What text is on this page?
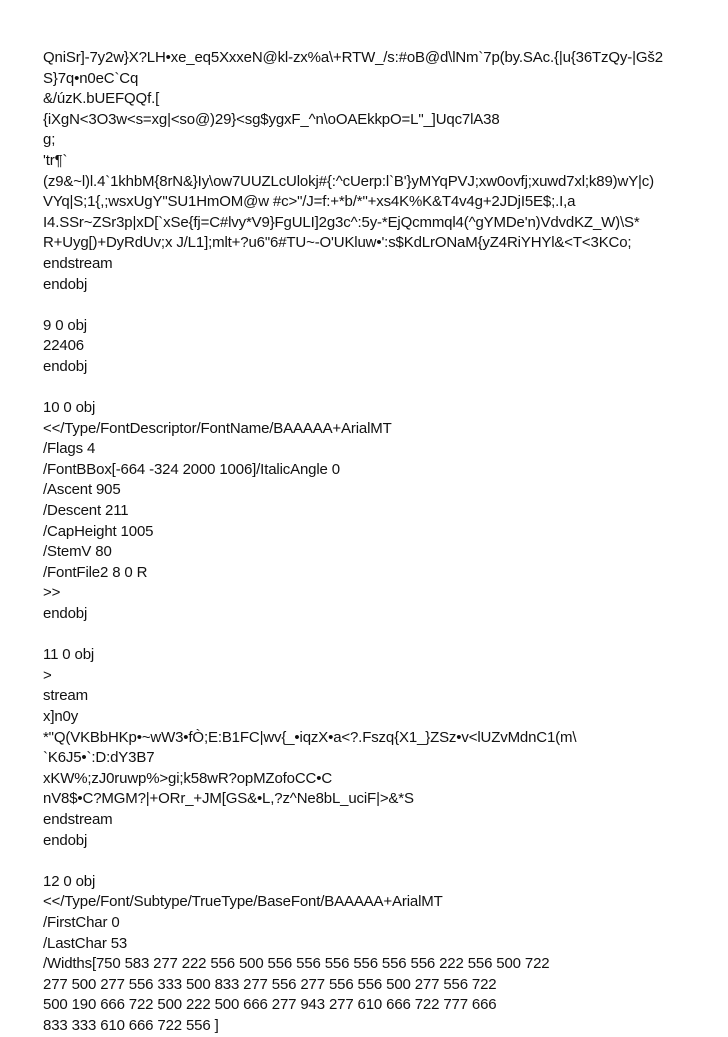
QniSr]-7y2w}X?LH•xe_eq5XxxeN@kl-zx%a\+RTW_/s:#oB@d\lNm`7p(by.SAc.{|u{36TzQy-|Gš2
S}7q•n0eC`Cq
&/úzK.bUEFQQf.[
{iXgN<3O3w<s=xg|<so@)29}<sg$ygxF_^n\oOAEkkpO=L"_]Uqc7lA38
g;
'tr¶`
(z9&~l)l.4`1khbM{8rN&}Iy\ow7UUZLcUlokj#{:^cUerp:l`B'}yMYqPVJ;xw0ovfj;xuwd7xl;k89)wY|c)
VYq|S;1{,;wsxUgY"SU1HmOM@w #c>"/J=f:+*b/*"+xs4K%K&T4v4g+2JDjI5E$;.I,a
I4.SSr~ZSr3p|xD[`xSe{fj=C#lvy*V9}FgULI]2g3c^:5y-*EjQcmmql4(^gYMDe'n)VdvdKZ_W)\S*
R+Uyg[)+DyRdUv;x J/L1];mlt+?u6"6#TU~-O'UKluw•':s$KdLrONaM{yZ4RiYHYl&<T<3KCo;
endstream
endobj
9 0 obj
22406
endobj
10 0 obj
<</Type/FontDescriptor/FontName/BAAAAA+ArialMT
/Flags 4
/FontBBox[-664 -324 2000 1006]/ItalicAngle 0
/Ascent 905
/Descent 211
/CapHeight 1005
/StemV 80
/FontFile2 8 0 R
>>
endobj
11 0 obj
>
stream
x]n0y
*"Q(VKBbHKp•~wW3•fÒ;E:B1FC|wv{_•iqzX•a<?.Fszq{X1_}ZSz•v<lUZvMdnC1(m\
`K6J5•`:D:dY3B7
xKW%;zJ0ruwp%>gi;k58wR?opMZofoCC•C
nV8$•C?MGM?|+ORr_+JM[GS&•L,?z^Ne8bL_uciF|>&*S
endstream
endobj
12 0 obj
<</Type/Font/Subtype/TrueType/BaseFont/BAAAAA+ArialMT
/FirstChar 0
/LastChar 53
/Widths[750 583 277 222 556 500 556 556 556 556 556 556 222 556 500 722
277 500 277 556 333 500 833 277 556 277 556 556 500 277 556 722
500 190 666 722 500 222 500 666 277 943 277 610 666 722 777 666
833 333 610 666 722 556 ]
